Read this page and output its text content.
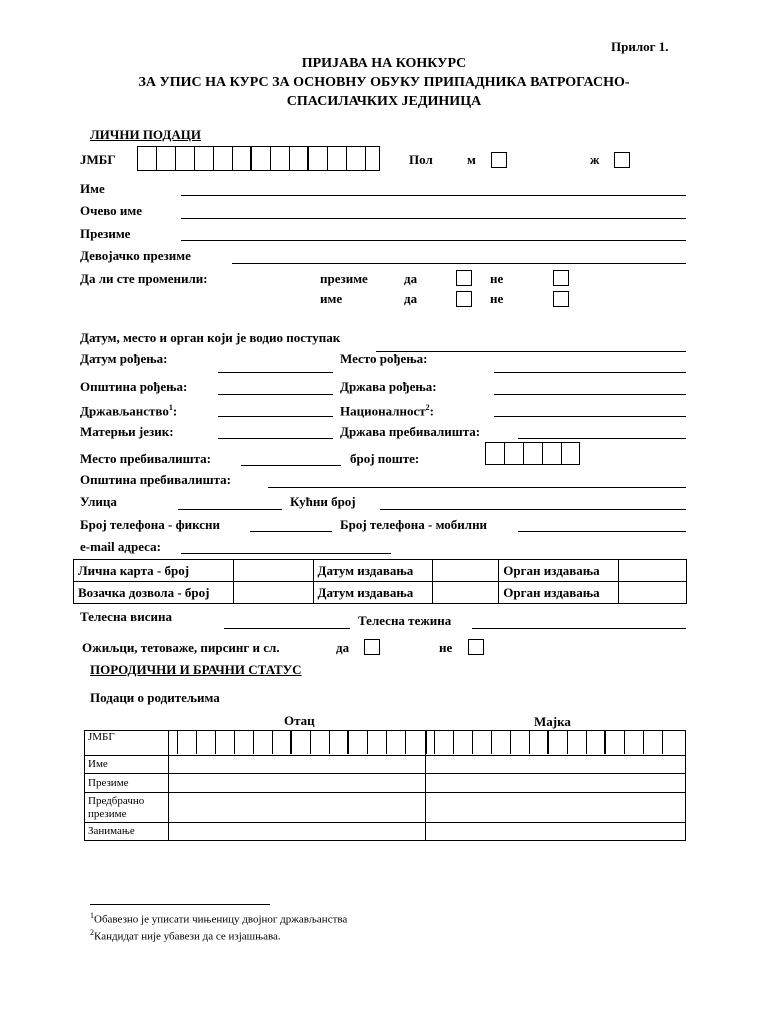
Прилог 1.
ПРИЈАВА НА КОНКУРС
ЗА УПИС НА КУРС ЗА ОСНОВНУ ОБУКУ ПРИПАДНИКА ВАТРОГАСНО-
СПАСИЛАЧКИХ ЈЕДИНИЦА
ЛИЧНИ ПОДАЦИ
ЈМБГ	Пол	м	ж
Име
Очево име
Презиме
Девојачко презиме
Да ли сте променили:	презиме	да	не
име	да	не
Датум, место и орган који је водио поступак
Датум рођења:	Место рођења:
Општина рођења:	Држава рођења:
Држављанство$^1$:	Националност$^2$:
Матерњи језик:	Држава пребивалишта:
Место пребивалишта:	број поште:
Општина пребивалишта:
Улица	Кућни број
Број телефона - фиксни	Број телефона - мобилни
e-mail адреса:
Лична карта - број		Датум издавања		Орган издавања	
Возачка дозвола - број		Датум издавања		Орган издавања	
Телесна висина	Телесна тежина
Ожиљци, тетоваже, пирсинг и сл.	да	не
ПОРОДИЧНИ И БРАЧНИ СТАТУС
Подаци о родитељима
Отац	Мајка
ЈМБГ	

Име		
Презиме		
Предбрачно презиме		
Занимање		
$^1$Обавезно је уписати чињеницу двојног држављанства
$^2$Кандидат није убавези да се изјашњава.
